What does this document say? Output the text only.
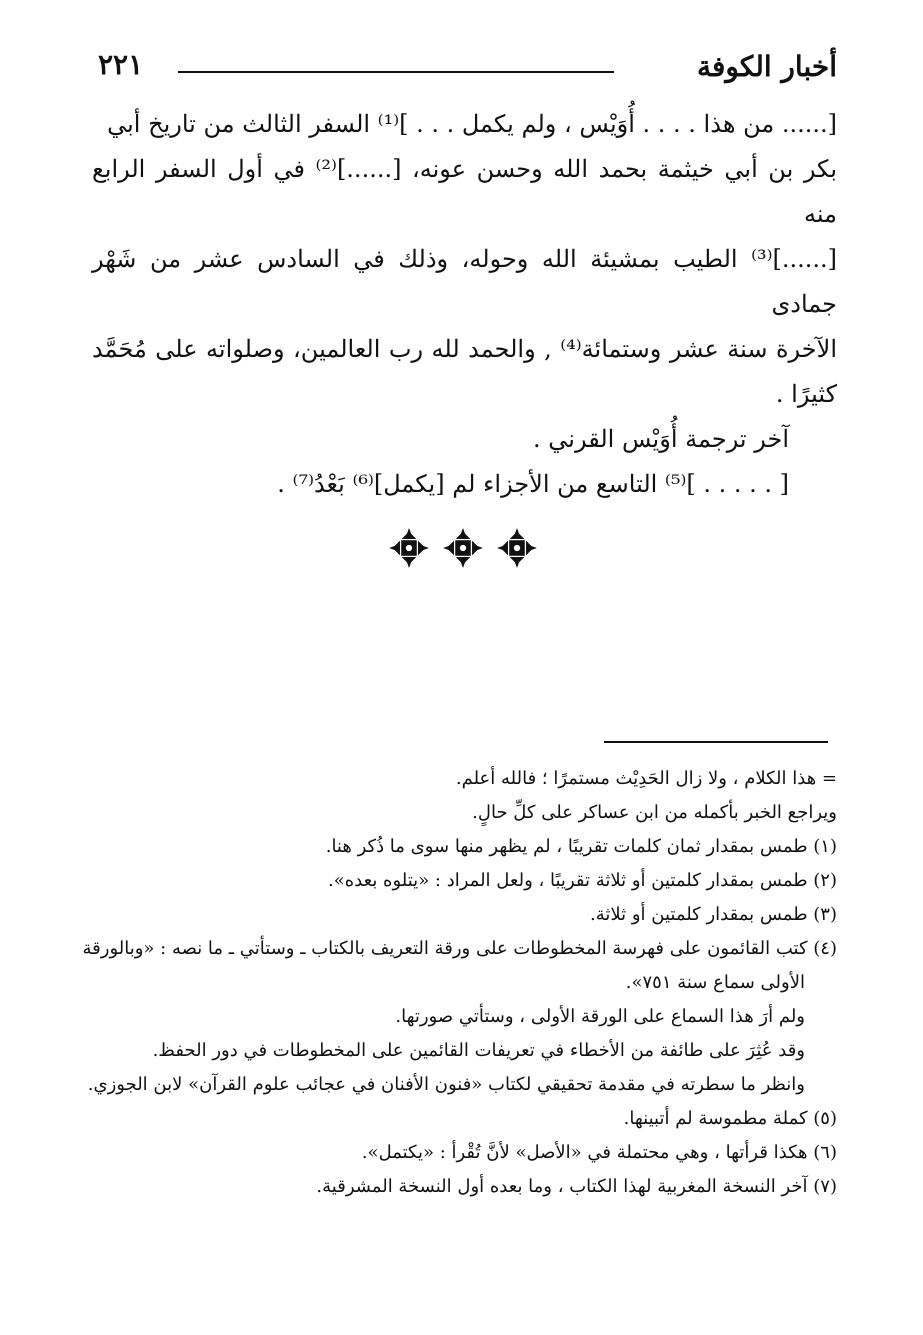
أخبار الكوفة
٢٢١

[...... من هذا . . . . أُوَيْس ، ولم يكمل . . . ]⁽¹⁾ السفر الثالث من تاريخ أبي

بكر بن أبي خيثمة بحمد الله وحسن عونه، [......]⁽²⁾ في أول السفر الرابع منه

[......]⁽³⁾ الطيب بمشيئة الله وحوله، وذلك في السادس عشر من شَهْر جمادى

الآخرة سنة عشر وستمائة⁽⁴⁾ , والحمد لله رب العالمين، وصلواته على مُحَمَّد كثيرًا .

آخر ترجمة أُوَيْس القرني .

[ . . . . . ]⁽⁵⁾ التاسع من الأجزاء لم [يكمل]⁽⁶⁾ بَعْدُ⁽⁷⁾ .

= هذا الكلام ، ولا زال الحَدِيْث مستمرًا ؛ فالله أعلم.

ويراجع الخبر بأكمله من ابن عساكر على كلِّ حالٍ.

(١) طمس بمقدار ثمان كلمات تقريبًا ، لم يظهر منها سوى ما ذُكر هنا.

(٢) طمس بمقدار كلمتين أو ثلاثة تقريبًا ، ولعل المراد : «يتلوه بعده».

(٣) طمس بمقدار كلمتين أو ثلاثة.

(٤) كتب القائمون على فهرسة المخطوطات على ورقة التعريف بالكتاب ـ وستأتي ـ ما نصه : «وبالورقة

الأولى سماع سنة ٧٥١».

ولم أرَ هذا السماع على الورقة الأولى ، وستأتي صورتها.

وقد عُثِرَ على طائفة من الأخطاء في تعريفات القائمين على المخطوطات في دور الحفظ.

وانظر ما سطرته في مقدمة تحقيقي لكتاب «فنون الأفنان في عجائب علوم القرآن» لابن الجوزي.

(٥) كملة مطموسة لم أتبينها.

(٦) هكذا قرأتها ، وهي محتملة في «الأصل» لأنَّ تُقْرأ : «يكتمل».

(٧) آخر النسخة المغربية لهذا الكتاب ، وما بعده أول النسخة المشرقية.
